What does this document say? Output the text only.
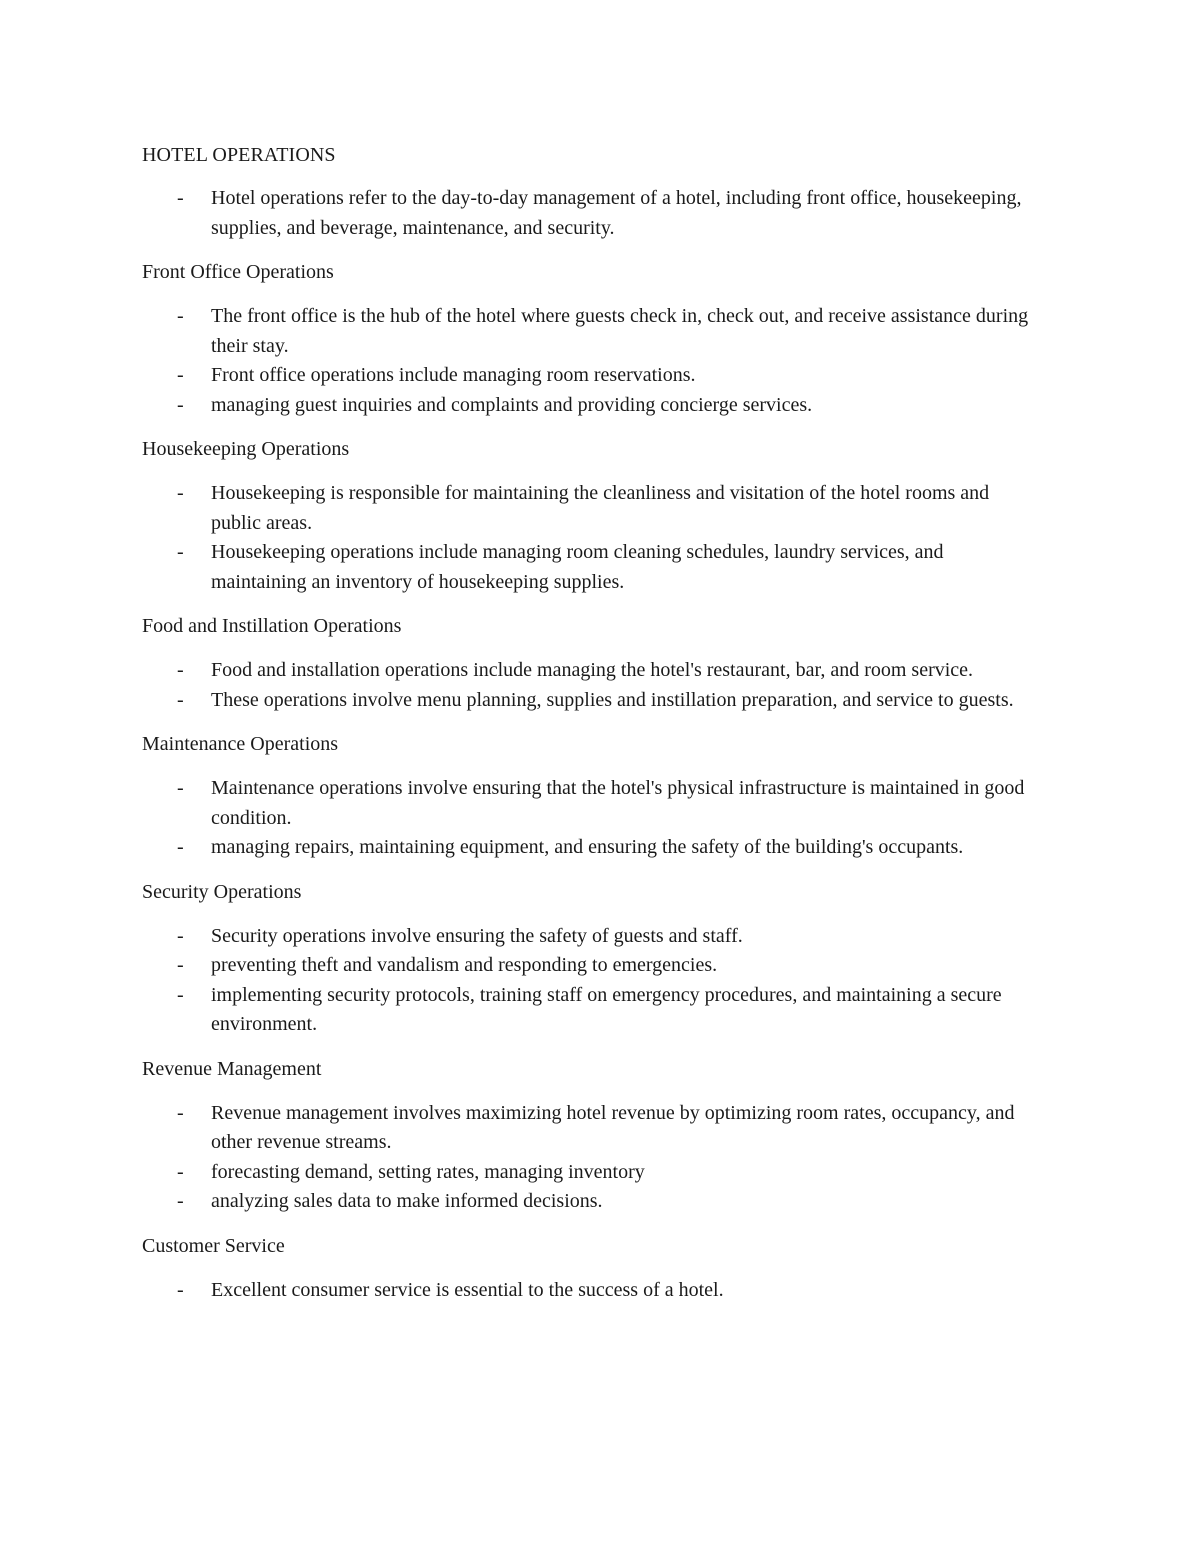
HOTEL OPERATIONS
- Hotel operations refer to the day-to-day management of a hotel, including front office, housekeeping, supplies, and beverage, maintenance, and security.
Front Office Operations
- The front office is the hub of the hotel where guests check in, check out, and receive assistance during their stay.
- Front office operations include managing room reservations.
- managing guest inquiries and complaints and providing concierge services.
Housekeeping Operations
- Housekeeping is responsible for maintaining the cleanliness and visitation of the hotel rooms and public areas.
- Housekeeping operations include managing room cleaning schedules, laundry services, and maintaining an inventory of housekeeping supplies.
Food and Instillation Operations
- Food and installation operations include managing the hotel's restaurant, bar, and room service.
- These operations involve menu planning, supplies and instillation preparation, and service to guests.
Maintenance Operations
- Maintenance operations involve ensuring that the hotel's physical infrastructure is maintained in good condition.
- managing repairs, maintaining equipment, and ensuring the safety of the building's occupants.
Security Operations
- Security operations involve ensuring the safety of guests and staff.
- preventing theft and vandalism and responding to emergencies.
- implementing security protocols, training staff on emergency procedures, and maintaining a secure environment.
Revenue Management
- Revenue management involves maximizing hotel revenue by optimizing room rates, occupancy, and other revenue streams.
- forecasting demand, setting rates, managing inventory
- analyzing sales data to make informed decisions.
Customer Service
- Excellent consumer service is essential to the success of a hotel.
